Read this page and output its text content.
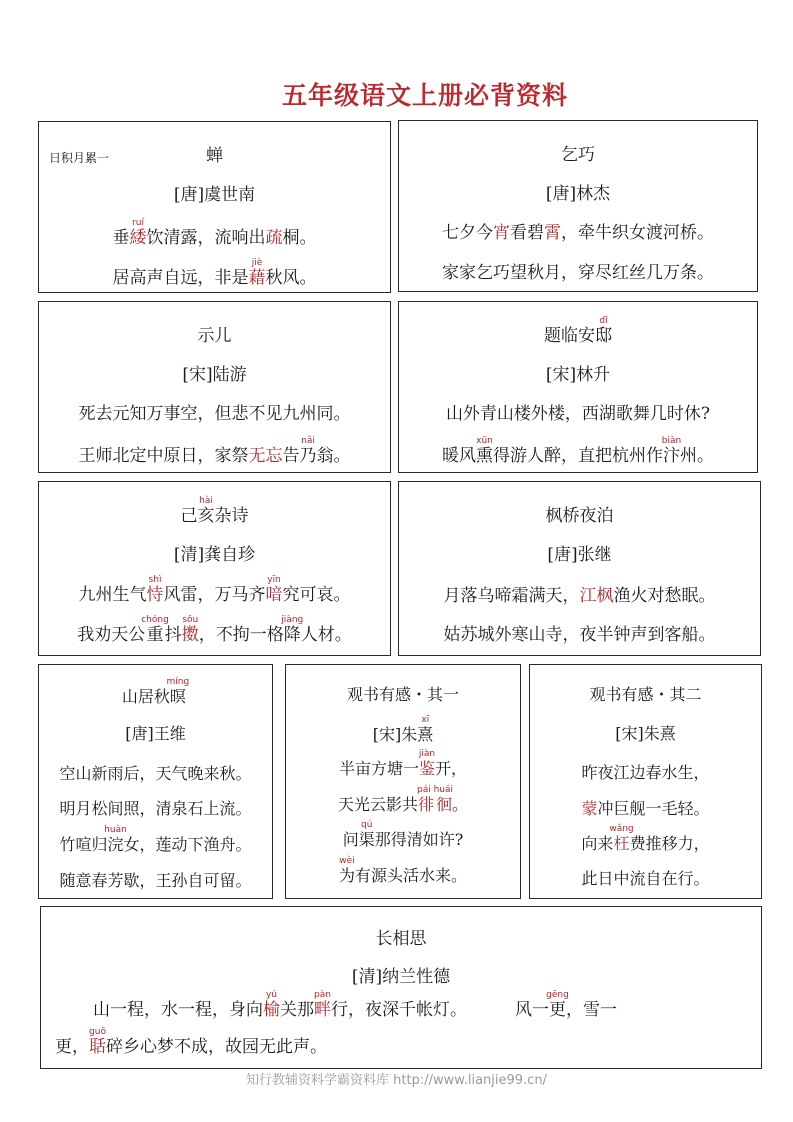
五年级语文上册必背资料
日积月累一	蝉
[唐]虞世南
垂緌ruí饮清露，流响出疏桐。
居高声自远，非是藉jiè秋风。
乞巧
[唐]林杰
七夕今宵看碧霄，牵牛织女渡河桥。
家家乞巧望秋月，穿尽红丝几万条。
示儿
[宋]陆游
死去元知万事空，但悲不见九州同。
王师北定中原日，家祭无忘告乃nǎi翁。
题临安邸dǐ
[宋]林升
山外青山楼外楼，西湖歌舞几时休?
暖风熏xūn得游人醉，直把杭州作汴biàn州。
己亥hài杂诗
[清]龚自珍
九州生气恃shì风雷，万马齐喑yīn究可哀。
我劝天公重chóng抖擞sǒu，不拘一格降jiàng人材。
枫桥夜泊
[唐]张继
月落乌啼霜满天，江枫渔火对愁眠。
姑苏城外寒山寺，夜半钟声到客船。
山居秋暝míng
[唐]王维
空山新雨后，天气晚来秋。
明月松间照，清泉石上流。
竹喧归浣huàn女，莲动下渔舟。
随意春芳歇，王孙自可留。
观书有感・其一
[宋]朱熹xī
半亩方塘一鉴jiàn开，
天光云影共徘徊pái huái。
问渠qú那得清如许?
为wèi有源头活水来。
观书有感・其二
[宋]朱熹
昨夜江边春水生，
蒙冲巨舰一毛轻。
向来枉wǎng费推移力，
此日中流自在行。
长相思
[清]纳兰性德
山一程，水一程，身向榆yú关那畔pàn行，夜深千帐灯。	风一更gēng，雪一
更，聒guō碎乡心梦不成，故园无此声。
知行教辅资料学霸资料库 http://www.lianjie99.cn/
